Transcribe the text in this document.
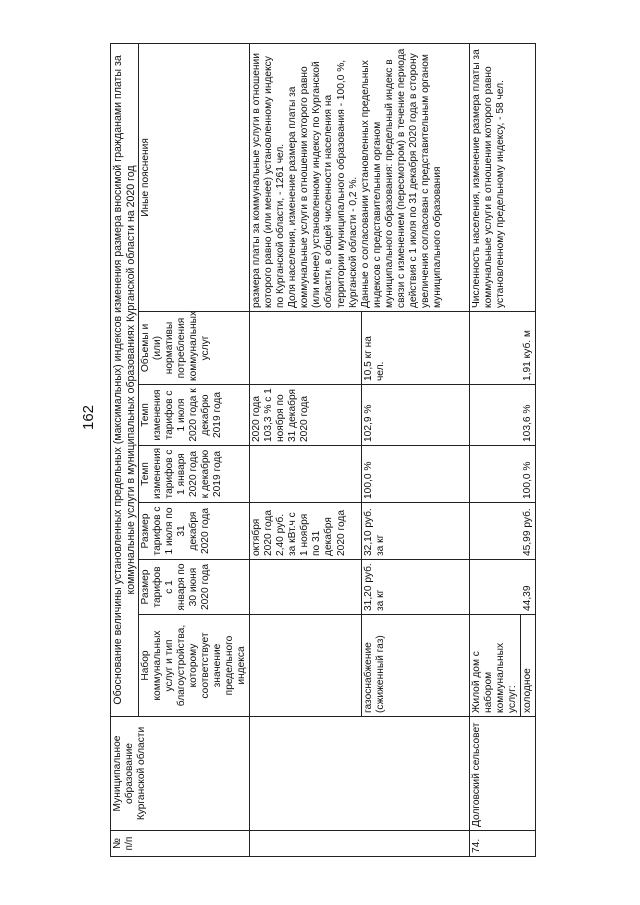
162
№ п/п	Муниципальное образование Курганской области	Обоснование величины установленных предельных (максимальных) индексов изменения размера вносимой гражданами платы за коммунальные услуги в муниципальных образованиях Курганской области на 2020 год						
		Набор коммунальных услуг и тип благоустройства, которому соответствует значение предельного индекса	Размер тарифов с 1 января по 30 июня 2020 года	Размер тарифов с 1 июля по 31 декабря 2020 года	Темп изменения тарифов с 1 января 2020 года к декабрю 2019 года	Темп изменения тарифов с 1 июля 2020 года к декабрю 2019 года	Объемы и (или) нормативы потребления коммунальных услуг	Иные пояснения

				октября 2020 года 2,40 руб. за кВт.ч с 1 ноября по 31 декабря 2020 года		2020 года 103,3 % с 1 ноября по 31 декабря 2020 года		размера платы за коммунальные услуги в отношении которого равно (или менее) установленному индексу по Курганской области, - 1261 чел. Доля населения, изменение размера платы за коммунальные услуги в отношении которого равно (или менее) установленному индексу по Курганской области, в общей численности населения на территории муниципального образования - 100,0 %, Курганской области - 0,2 %. Данные о согласовании установленных предельных индексов с представительным органом муниципального образования: предельный индекс в связи с изменением (пересмотром) в течение периода действия с 1 июля по 31 декабря 2020 года в сторону увеличения согласован с представительным органом муниципального образования

		газоснабжение (сжиженный газ)	31,20 руб. за кг	32,10 руб. за кг	100,0 %	102,9 %	10,5 кг на чел.	
74.	Долговский сельсовет	Жилой дом с набором коммунальных услуг:						Численность населения, изменение размера платы за коммунальные услуги в отношении которого равно установленному предельному индексу, - 58 чел.
		холодное	44,39	45,99 руб.	100,0 %	103,6 %	1,91 куб. м	
